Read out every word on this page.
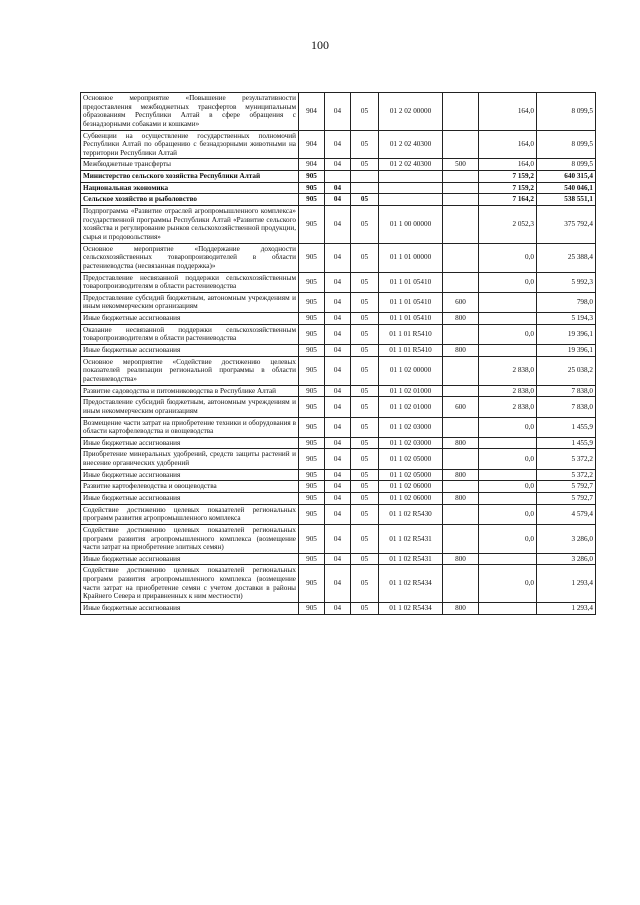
100
Основное мероприятие «Повышение результативности предоставления межбюджетных трансфертов муниципальным образованиям Республики Алтай в сфере обращения с безнадзорными собаками и кошками»	904	04	05	01 2 02 00000		164,0	8 099,5
Субвенции на осуществление государственных полномочий Республики Алтай по обращению с безнадзорными животными на территории Республики Алтай	904	04	05	01 2 02 40300		164,0	8 099,5
Межбюджетные трансферты	904	04	05	01 2 02 40300	500	164,0	8 099,5
Министерство сельского хозяйства Республики Алтай	905					7 159,2	640 315,4
Национальная экономика	905	04				7 159,2	540 046,1
Сельское хозяйство и рыболовство	905	04	05			7 164,2	538 551,1
Подпрограмма «Развитие отраслей агропромышленного комплекса» государственной программы Республики Алтай «Развитие сельского хозяйства и регулирование рынков сельскохозяйственной продукции, сырья и продовольствия»	905	04	05	01 1 00 00000		2 052,3	375 792,4
Основное мероприятие «Поддержание доходности сельскохозяйственных товаропроизводителей в области растениеводства (несвязанная поддержка)»	905	04	05	01 1 01 00000		0,0	25 388,4
Предоставление несвязанной поддержки сельскохозяйственным товаропроизводителям в области растениеводства	905	04	05	01 1 01 05410		0,0	5 992,3
Предоставление субсидий бюджетным, автономным учреждениям и иным некоммерческим организациям	905	04	05	01 1 01 05410	600		798,0
Иные бюджетные ассигнования	905	04	05	01 1 01 05410	800		5 194,3
Оказание несвязанной поддержки сельскохозяйственным товаропроизводителям в области растениеводства	905	04	05	01 1 01 R5410		0,0	19 396,1
Иные бюджетные ассигнования	905	04	05	01 1 01 R5410	800		19 396,1
Основное мероприятие «Содействие достижению целевых показателей реализации региональной программы в области растениеводства»	905	04	05	01 1 02 00000		2 838,0	25 038,2
Развитие садоводства и питомниководства в Республике Алтай	905	04	05	01 1 02 01000		2 838,0	7 838,0
Предоставление субсидий бюджетным, автономным учреждениям и иным некоммерческим организациям	905	04	05	01 1 02 01000	600	2 838,0	7 838,0
Возмещение части затрат на приобретение техники и оборудования в области картофелеводства и овощеводства	905	04	05	01 1 02 03000		0,0	1 455,9
Иные бюджетные ассигнования	905	04	05	01 1 02 03000	800		1 455,9
Приобретение минеральных удобрений, средств защиты растений и внесение органических удобрений	905	04	05	01 1 02 05000		0,0	5 372,2
Иные бюджетные ассигнования	905	04	05	01 1 02 05000	800		5 372,2
Развитие картофелеводства и овощеводства	905	04	05	01 1 02 06000		0,0	5 792,7
Иные бюджетные ассигнования	905	04	05	01 1 02 06000	800		5 792,7
Содействие достижению целевых показателей региональных программ развития агропромышленного комплекса	905	04	05	01 1 02 R5430		0,0	4 579,4
Содействие достижению целевых показателей региональных программ развития агропромышленного комплекса (возмещение части затрат на приобретение элитных семян)	905	04	05	01 1 02 R5431		0,0	3 286,0
Иные бюджетные ассигнования	905	04	05	01 1 02 R5431	800		3 286,0
Содействие достижению целевых показателей региональных программ развития агропромышленного комплекса (возмещение части затрат на приобретение семян с учетом доставки в районы Крайнего Севера и приравненных к ним местности)	905	04	05	01 1 02 R5434		0,0	1 293,4
Иные бюджетные ассигнования	905	04	05	01 1 02 R5434	800		1 293,4
